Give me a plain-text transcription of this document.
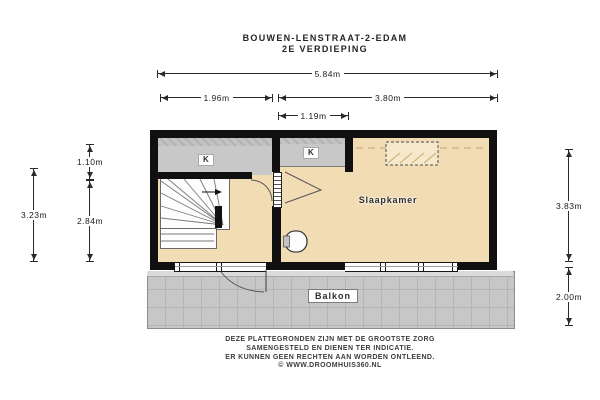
BOUWEN-LENSTRAAT-2-EDAM
2E VERDIEPING
5.84m
1.96m	3.80m
1.19m
1.10m
2.84m
3.23m
3.83m
2.00m
K
K
Slaapkamer
Balkon
DEZE PLATTEGRONDEN ZIJN MET DE GROOTSTE ZORG
SAMENGESTELD EN DIENEN TER INDICATIE.
ER KUNNEN GEEN RECHTEN AAN WORDEN ONTLEEND.
© WWW.DROOMHUIS360.NL
